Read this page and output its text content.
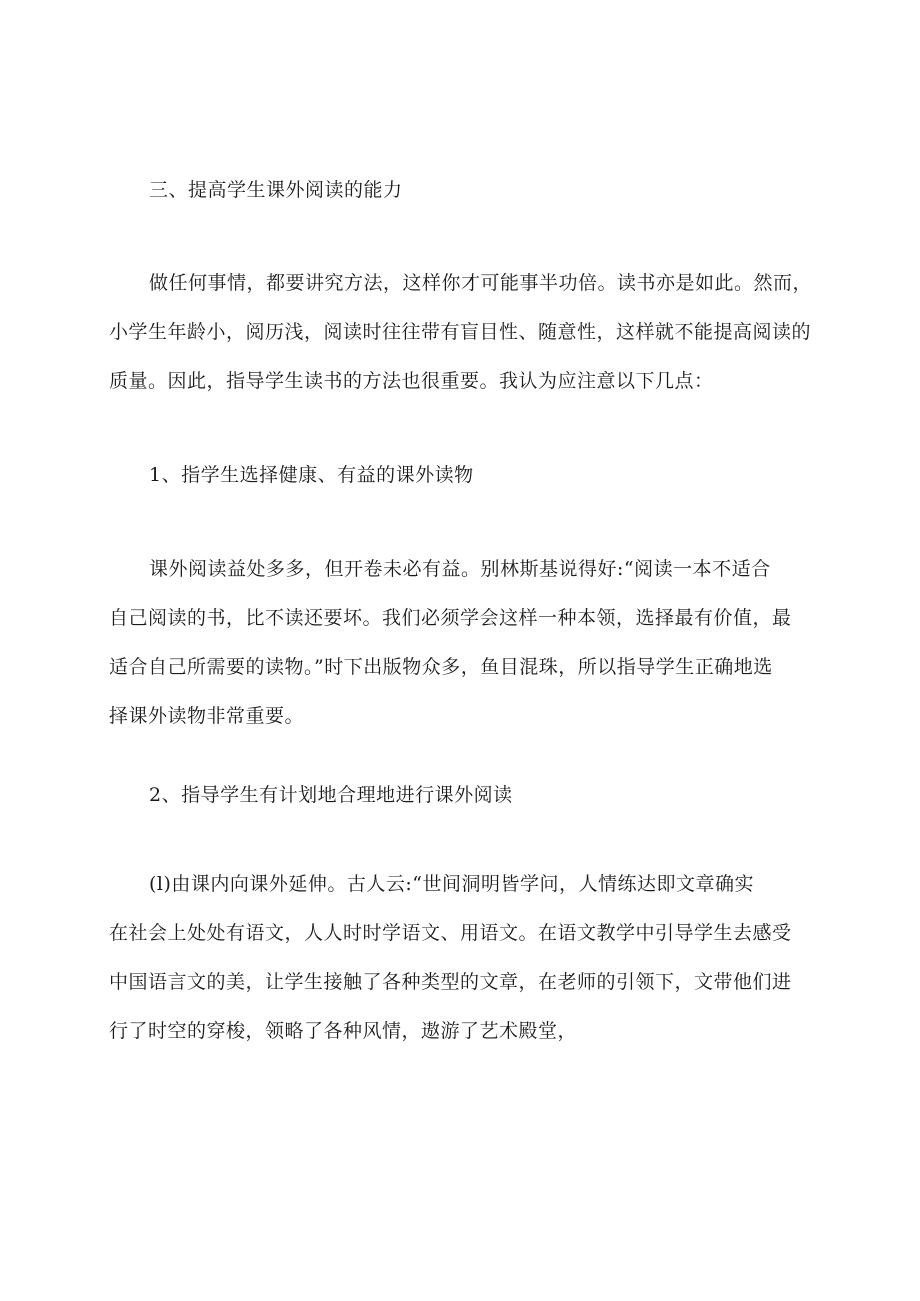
三、提高学生课外阅读的能力
做任何事情，都要讲究方法，这样你才可能事半功倍。读书亦是如此。然而，
小学生年龄小，阅历浅，阅读时往往带有盲目性、随意性，这样就不能提高阅读的
质量。因此，指导学生读书的方法也很重要。我认为应注意以下几点：
1、指学生选择健康、有益的课外读物
课外阅读益处多多，但开卷未必有益。别林斯基说得好:“阅读一本不适合
自己阅读的书，比不读还要坏。我们必须学会这样一种本领，选择最有价值，最
适合自己所需要的读物。”时下出版物众多，鱼目混珠，所以指导学生正确地选
择课外读物非常重要。
2、指导学生有计划地合理地进行课外阅读
(l)由课内向课外延伸。古人云:“世间洞明皆学问，人情练达即文章确实
在社会上处处有语文，人人时时学语文、用语文。在语文教学中引导学生去感受
中国语言文的美，让学生接触了各种类型的文章，在老师的引领下，文带他们进
行了时空的穿梭，领略了各种风情，遨游了艺术殿堂，
